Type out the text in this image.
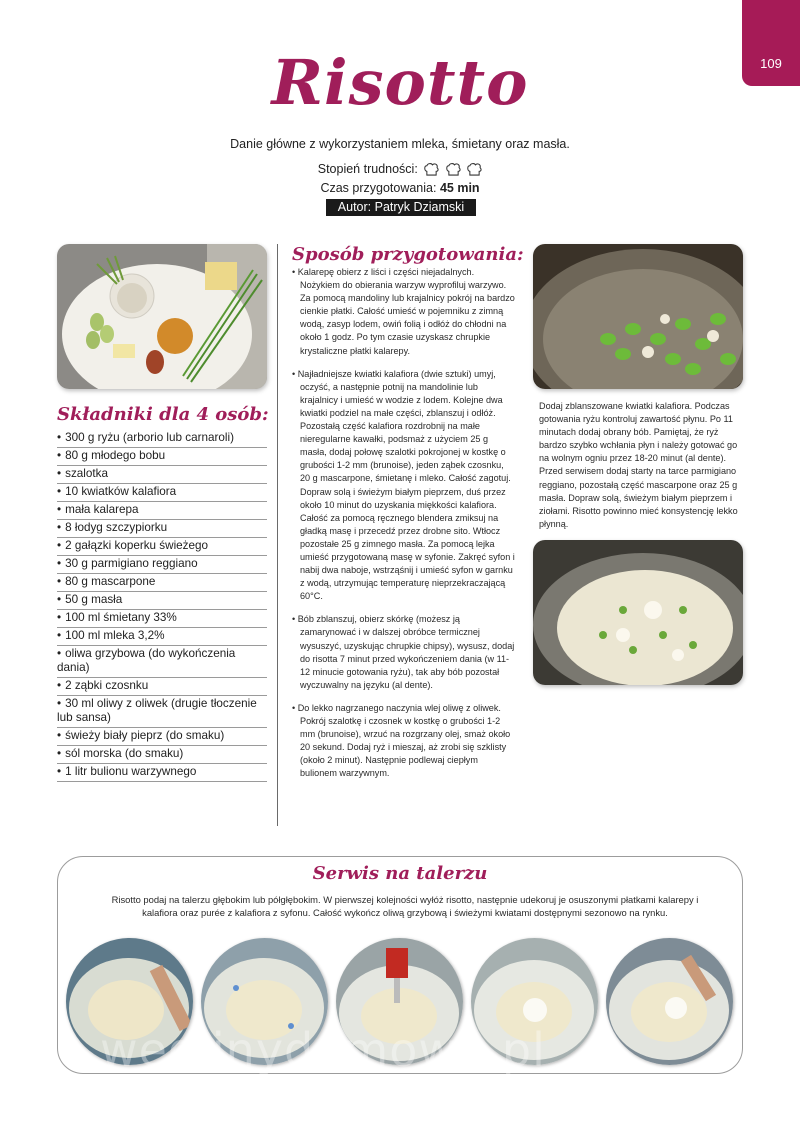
109
Risotto
Danie główne z wykorzystaniem mleka, śmietany oraz masła.
Stopień trudności:
Czas przygotowania: 45 min
Autor: Patryk Dziamski
Składniki dla 4 osób:
• 300 g ryżu (arborio lub carnaroli)
• 80 g młodego bobu
• szalotka
• 10 kwiatków kalafiora
• mała kalarepa
• 8 łodyg szczypiorku
• 2 gałązki koperku świeżego
• 30 g parmigiano reggiano
• 80 g mascarpone
• 50 g masła
• 100 ml śmietany 33%
• 100 ml mleka 3,2%
• oliwa grzybowa (do wykończenia dania)
• 2 ząbki czosnku
• 30 ml oliwy z oliwek (drugie tłoczenie lub sansa)
• świeży biały pieprz (do smaku)
• sól morska (do smaku)
• 1 litr bulionu warzywnego
Sposób przygotowania:

• Kalarepę obierz z liści i części niejadalnych. Nożykiem do obierania warzyw wyprofiluj warzywo. Za pomocą mandoliny lub krajalnicy pokrój na bardzo cienkie płatki. Całość umieść w pojemniku z zimną wodą, zasyp lodem, owiń folią i odłóż do chłodni na około 1 godz. Po tym czasie uzyskasz chrupkie krystaliczne płatki kalarepy.

• Najładniejsze kwiatki kalafiora (dwie sztuki) umyj, oczyść, a następnie potnij na mandolinie lub krajalnicy i umieść w wodzie z lodem. Kolejne dwa kwiatki podziel na małe części, zblanszuj i odłóż. Pozostałą część kalafiora rozdrobnij na małe nieregularne kawałki, podsmaż z użyciem 25 g masła, dodaj połowę szalotki pokrojonej w kostkę o grubości 1-2 mm (brunoise), jeden ząbek czosnku, 20 g mascarpone, śmietanę i mleko. Całość zagotuj. Dopraw solą i świeżym białym pieprzem, duś przez około 10 minut do uzyskania miękkości kalafiora. Całość za pomocą ręcznego blendera zmiksuj na gładką masę i przecedź przez drobne sito. Wtłocz pozostałe 25 g zimnego masła. Za pomocą lejka umieść przygotowaną masę w syfonie. Zakręć syfon i nabij dwa naboje, wstrząśnij i umieść syfon w garnku z wodą, utrzymując temperaturę nieprzekraczającą 60°C.

• Bób zblanszuj, obierz skórkę (możesz ją zamarynować i w dalszej obróbce termicznej wysuszyć, uzyskując chrupkie chipsy), wysusz, dodaj do risotta 7 minut przed wykończeniem dania (w 11-12 minucie gotowania ryżu), tak aby bób pozostał wyczuwalny na języku (al dente).

• Do lekko nagrzanego naczynia wlej oliwę z oliwek. Pokrój szalotkę i czosnek w kostkę o grubości 1-2 mm (brunoise), wrzuć na rozgrzany olej, smaż około 20 sekund. Dodaj ryż i mieszaj, aż zrobi się szklisty (około 2 minut). Następnie podlewaj ciepłym bulionem warzywnym.

Dodaj zblanszowane kwiatki kalafiora. Podczas gotowania ryżu kontroluj zawartość płynu. Po 11 minutach dodaj obrany bób. Pamiętaj, że ryż bardzo szybko wchłania płyn i należy gotować go na wolnym ogniu przez 18-20 minut (al dente). Przed serwisem dodaj starty na tarce parmigiano reggiano, pozostałą część mascarpone oraz 25 g masła. Dopraw solą, świeżym białym pieprzem i ziołami. Risotto powinno mieć konsystencję lekko płynną.
Serwis na talerzu
Risotto podaj na talerzu głębokim lub półgłębokim. W pierwszej kolejności wyłóż risotto, następnie udekoruj je osuszonymi płatkami kalarepy i kalafiora oraz purée z kalafiora z syfonu. Całość wykończ oliwą grzybową i świeżymi kwiatami dostępnymi sezonowo na rynku.
wedlinydomowe.pl
